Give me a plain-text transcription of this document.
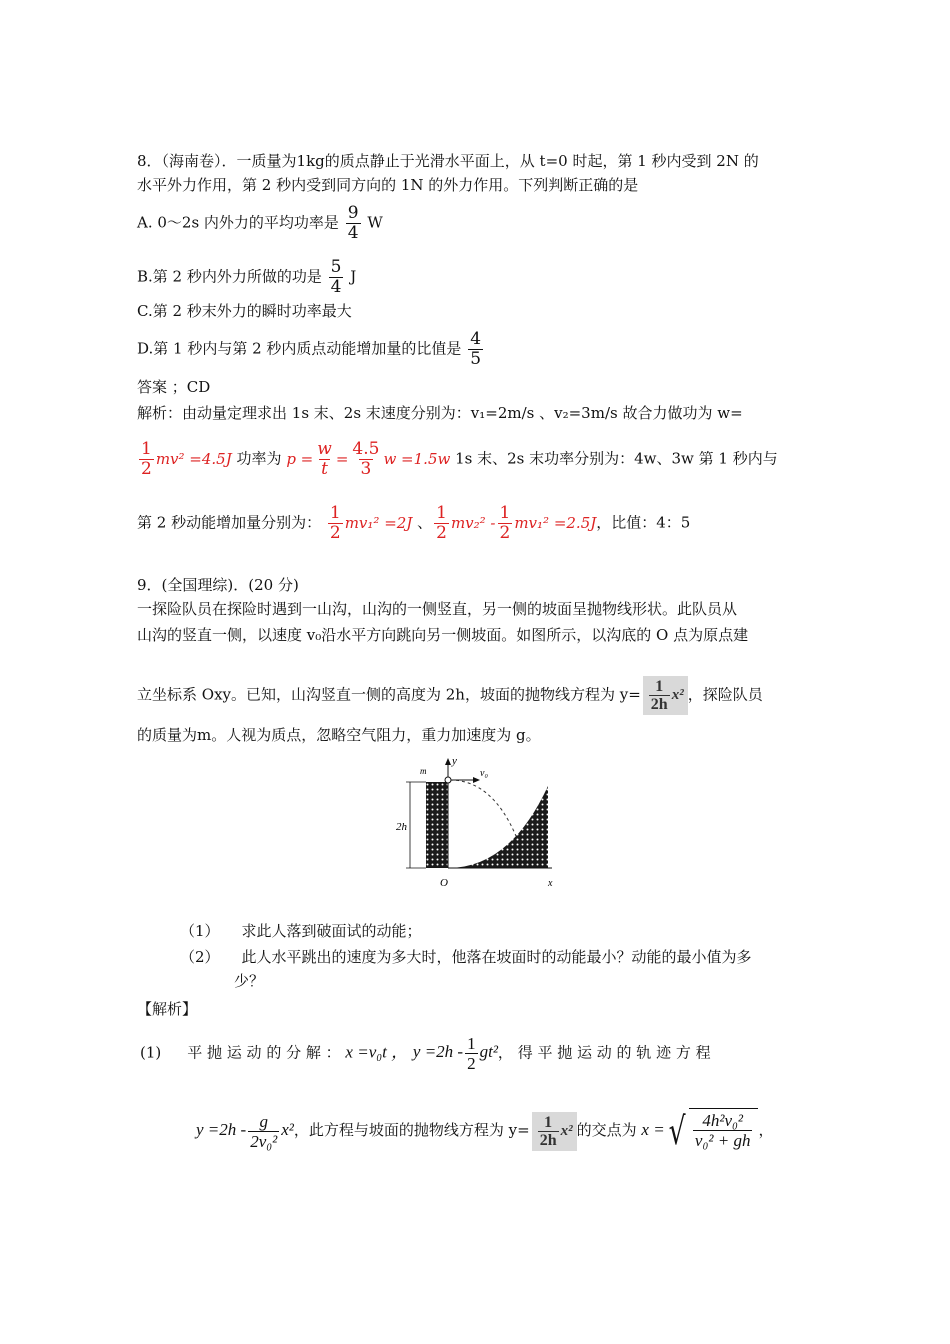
8．（海南卷）．一质量为1kg的质点静止于光滑水平面上，从 t=0 时起，第 1 秒内受到 2N 的
水平外力作用，第 2 秒内受到同方向的 1N 的外力作用。下列判断正确的是
A. 0～2s 内外力的平均功率是 $\frac{9}{4}$ W
B.第 2 秒内外力所做的功是 $\frac{5}{4}$ J
C.第 2 秒末外力的瞬时功率最大
D.第 1 秒内与第 2 秒内质点动能增加量的比值是 $\frac{4}{5}$
答案 ；CD
解析：由动量定理求出 1s 末、2s 末速度分别为：v₁=2m/s 、v₂=3m/s 故合力做功为 w=
$\frac{1}{2} mv^2 =4.5J$ 功率为 $p = \frac{w}{t} = \frac{4.5}{3}$ w =1.5w 1s 末、2s 末功率分别为：4w、3w 第 1 秒内与
第 2 秒动能增加量分别为： $\frac{1}{2} mv_1^2 =2J$ 、 $\frac{1}{2} mv_2^2 - \frac{1}{2} mv_1^2 =2.5J$，比值：4：5
9．(全国理综)．(20 分)
一探险队员在探险时遇到一山沟，山沟的一侧竖直，另一侧的坡面呈抛物线形状。此队员从
山沟的竖直一侧，以速度 v₀沿水平方向跳向另一侧坡面。如图所示，以沟底的 O 点为原点建
立坐标系 Oxy。已知，山沟竖直一侧的高度为 2h，坡面的抛物线方程为 $y= \frac{1}{2h} x^2$ ，探险队员
的质量为m。人视为质点，忽略空气阻力，重力加速度为 g。
y
m	v₀
2h
O	x
（1） 求此人落到破面试的动能；
（2） 此人水平跳出的速度为多大时，他落在坡面时的动能最小？动能的最小值为多
少？
【解析】
(1) 平 抛 运 动 的 分 解 ： x =v₀t ， $y =2h - \frac{1}{2} gt^2$， 得 平 抛 运 动 的 轨 迹 方 程
$y =2h - \frac{g}{\text{2v₀²}} x^2$，此方程与坡面的抛物线方程为 $y= \frac{1}{2h} x^2$ 的交点为 x = √ $\frac{\text{4h²v₀²}}{\text{v₀² + gh}}$ ，
